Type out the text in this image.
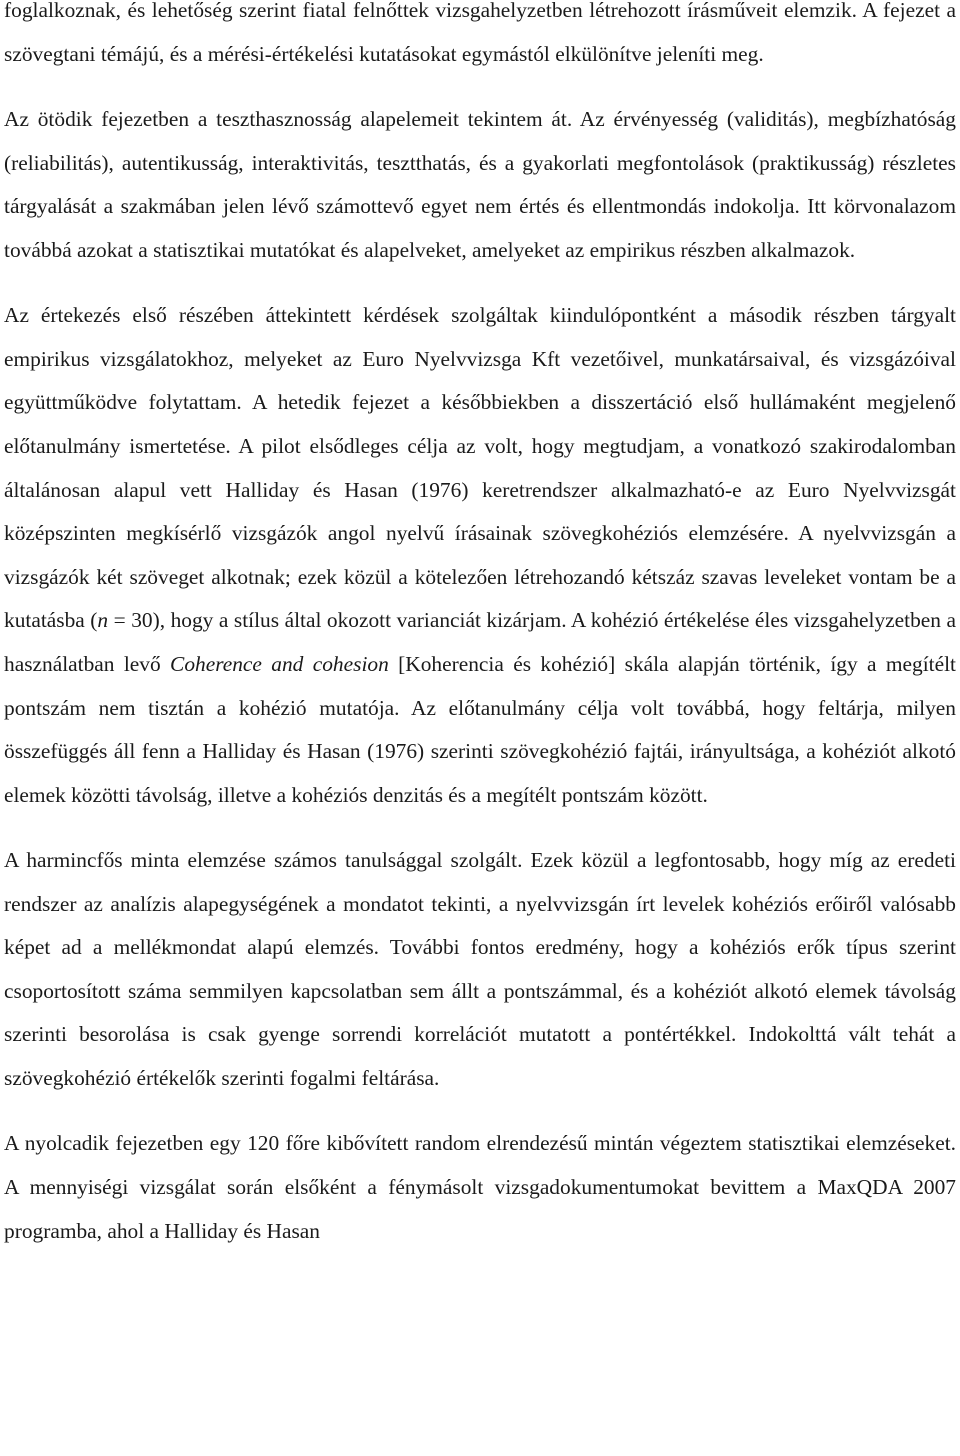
foglalkoznak, és lehetőség szerint fiatal felnőttek vizsgahelyzetben létrehozott írásműveit elemzik. A fejezet a szövegtani témájú, és a mérési-értékelési kutatásokat egymástól elkülönítve jeleníti meg.

Az ötödik fejezetben a teszthasznosság alapelemeit tekintem át. Az érvényesség (validitás), megbízhatóság (reliabilitás), autentikusság, interaktivitás, tesztthatás, és a gyakorlati megfontolások (praktikusság) részletes tárgyalását a szakmában jelen lévő számottevő egyet nem értés és ellentmondás indokolja. Itt körvonalazom továbbá azokat a statisztikai mutatókat és alapelveket, amelyeket az empirikus részben alkalmazok.

Az értekezés első részében áttekintett kérdések szolgáltak kiindulópontként a második részben tárgyalt empirikus vizsgálatokhoz, melyeket az Euro Nyelvvizsga Kft vezetőivel, munkatársaival, és vizsgázóival együttműködve folytattam. A hetedik fejezet a későbbiekben a disszertáció első hullámaként megjelenő előtanulmány ismertetése. A pilot elsődleges célja az volt, hogy megtudjam, a vonatkozó szakirodalomban általánosan alapul vett Halliday és Hasan (1976) keretrendszer alkalmazható-e az Euro Nyelvvizsgát középszinten megkísérlő vizsgázók angol nyelvű írásainak szövegkohéziós elemzésére. A nyelvvizsgán a vizsgázók két szöveget alkotnak; ezek közül a kötelezően létrehozandó kétszáz szavas leveleket vontam be a kutatásba (n = 30), hogy a stílus által okozott varianciát kizárjam. A kohézió értékelése éles vizsgahelyzetben a használatban levő Coherence and cohesion [Koherencia és kohézió] skála alapján történik, így a megítélt pontszám nem tisztán a kohézió mutatója. Az előtanulmány célja volt továbbá, hogy feltárja, milyen összefüggés áll fenn a Halliday és Hasan (1976) szerinti szövegkohézió fajtái, irányultsága, a kohéziót alkotó elemek közötti távolság, illetve a kohéziós denzitás és a megítélt pontszám között.

A harmincfős minta elemzése számos tanulsággal szolgált. Ezek közül a legfontosabb, hogy míg az eredeti rendszer az analízis alapegységének a mondatot tekinti, a nyelvvizsgán írt levelek kohéziós erőiről valósabb képet ad a mellékmondat alapú elemzés. További fontos eredmény, hogy a kohéziós erők típus szerint csoportosított száma semmilyen kapcsolatban sem állt a pontszámmal, és a kohéziót alkotó elemek távolság szerinti besorolása is csak gyenge sorrendi korrelációt mutatott a pontértékkel. Indokolttá vált tehát a szövegkohézió értékelők szerinti fogalmi feltárása.

A nyolcadik fejezetben egy 120 főre kibővített random elrendezésű mintán végeztem statisztikai elemzéseket. A mennyiségi vizsgálat során elsőként a fénymásolt vizsgadokumentumokat bevittem a MaxQDA 2007 programba, ahol a Halliday és Hasan
